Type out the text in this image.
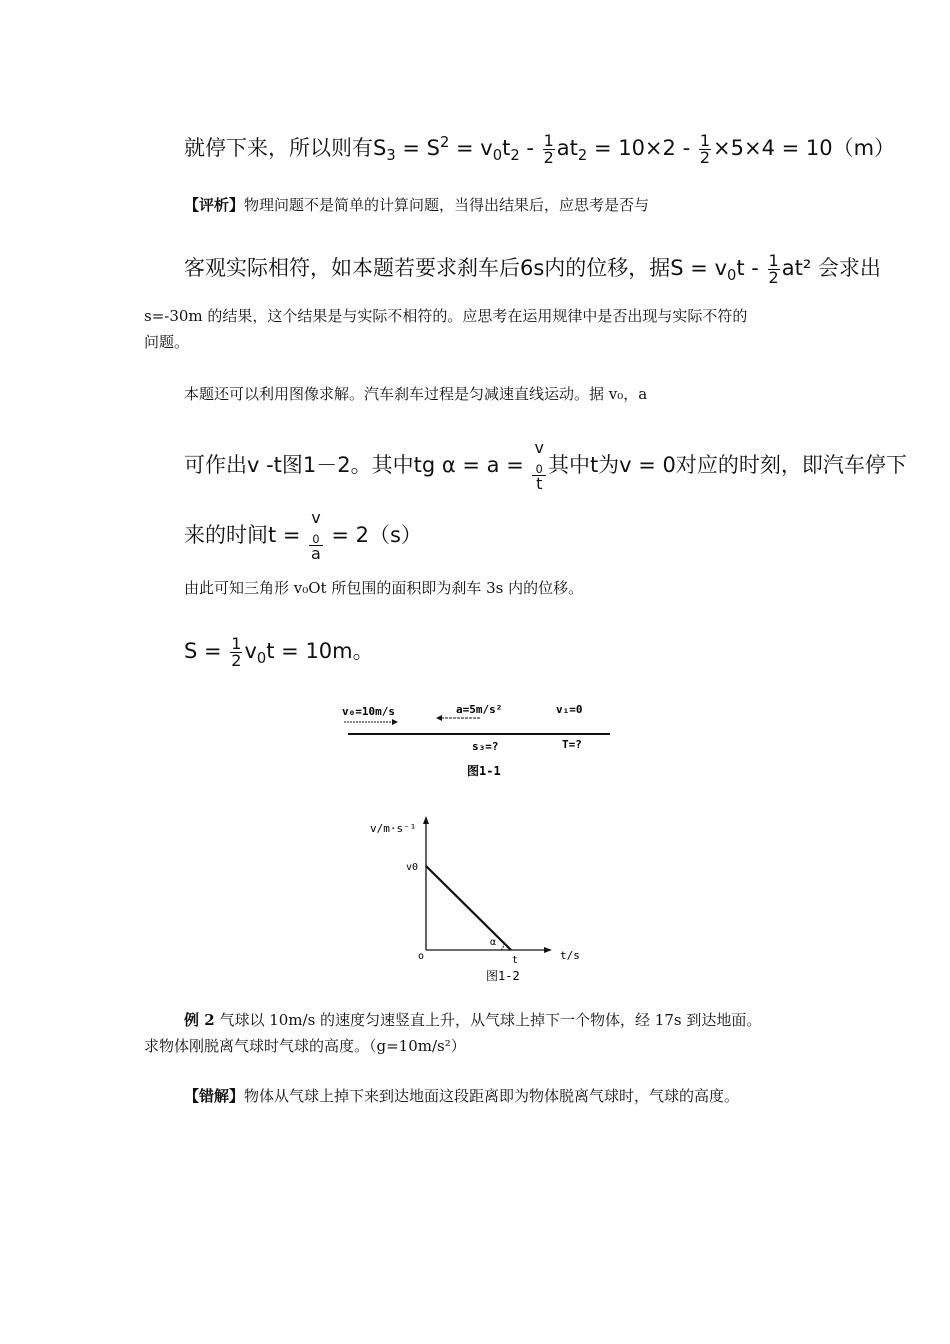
就停下来，所以则有$S_3 = S^2 = v_0t_2 - \frac{1}{2} at_2 = 10\times 2 - \frac{1}{2} \times 5\times 4 = 10(m)$
【评析】物理问题不是简单的计算问题，当得出结果后，应思考是否与
客观实际相符，如本题若要求刹车后6s内的位移，据$S = v_0t - \frac{1}{2} at^2$ 会求出
s=-30m 的结果，这个结果是与实际不相符的。应思考在运用规律中是否出现与实际不符的
问题。
本题还可以利用图像求解。汽车刹车过程是匀减速直线运动。据 v₀，a
可作出v -t图1－2。其中tg α = a = v
$_0$
t 其中t为v = 0对应的时刻，即汽车停下
来的时间t = v
$_0$
a = 2（s）
由此可知三角形 v₀Ot 所包围的面积即为刹车 3s 内的位移。
$S = \frac{1}{2} v_0t = 10m$。
v₀=10m/s	a=5m/s²	v₁=0
s₃=?	T=?
图1-1
v/m·s⁻¹
v0
α
o	t	t/s
图1-2
例 2 气球以 10m/s 的速度匀速竖直上升，从气球上掉下一个物体，经 17s 到达地面。
求物体刚脱离气球时气球的高度。（g=10m/s²）
【错解】物体从气球上掉下来到达地面这段距离即为物体脱离气球时，气球的高度。
